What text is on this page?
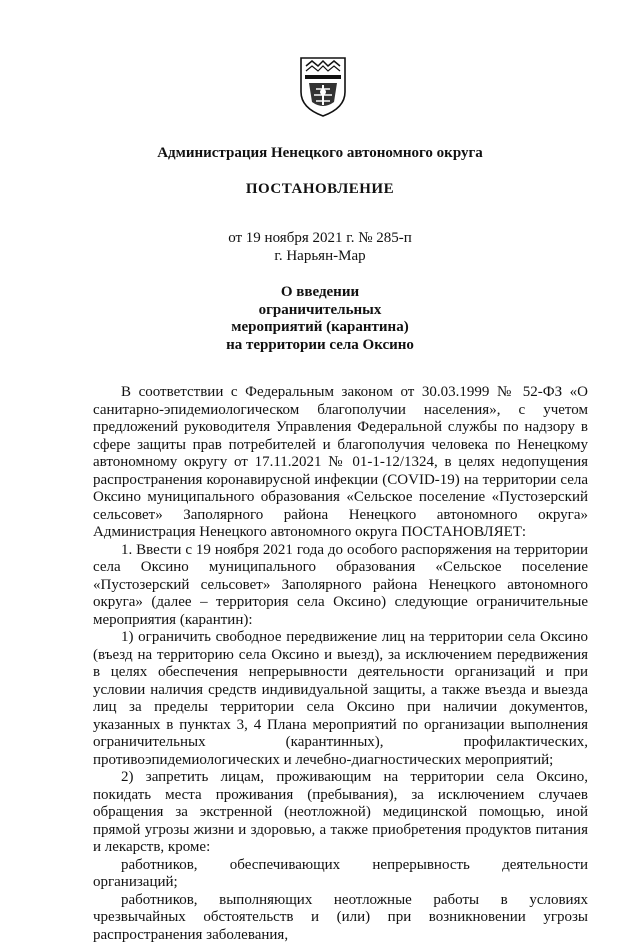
Администрация Ненецкого автономного округа
ПОСТАНОВЛЕНИЕ
от 19 ноября 2021 г. № 285-п
г. Нарьян-Мар
О введении
ограничительных
мероприятий (карантина)
на территории села Оксино

В соответствии с Федеральным законом от 30.03.1999 № 52-ФЗ «О санитарно-эпидемиологическом благополучии населения», с учетом предложений руководителя Управления Федеральной службы по надзору в сфере защиты прав потребителей и благополучия человека по Ненецкому автономному округу от 17.11.2021 № 01-1-12/1324, в целях недопущения распространения коронавирусной инфекции (COVID-19) на территории села Оксино муниципального образования «Сельское поселение «Пустозерский сельсовет» Заполярного района Ненецкого автономного округа» Администрация Ненецкого автономного округа ПОСТАНОВЛЯЕТ:

1. Ввести с 19 ноября 2021 года до особого распоряжения на территории села Оксино муниципального образования «Сельское поселение «Пустозерский сельсовет» Заполярного района Ненецкого автономного округа» (далее – территория села Оксино) следующие ограничительные мероприятия (карантин):

1) ограничить свободное передвижение лиц на территории села Оксино (въезд на территорию села Оксино и выезд), за исключением передвижения в целях обеспечения непрерывности деятельности организаций и при условии наличия средств индивидуальной защиты, а также въезда и выезда лиц за пределы территории села Оксино при наличии документов, указанных в пунктах 3, 4 Плана мероприятий по организации выполнения ограничительных (карантинных), профилактических, противоэпидемиологических и лечебно-диагностических мероприятий;

2) запретить лицам, проживающим на территории села Оксино, покидать места проживания (пребывания), за исключением случаев обращения за экстренной (неотложной) медицинской помощью, иной прямой угрозы жизни и здоровью, а также приобретения продуктов питания и лекарств, кроме:

работников, обеспечивающих непрерывность деятельности организаций;

работников, выполняющих неотложные работы в условиях чрезвычайных обстоятельств и (или) при возникновении угрозы распространения заболевания,
